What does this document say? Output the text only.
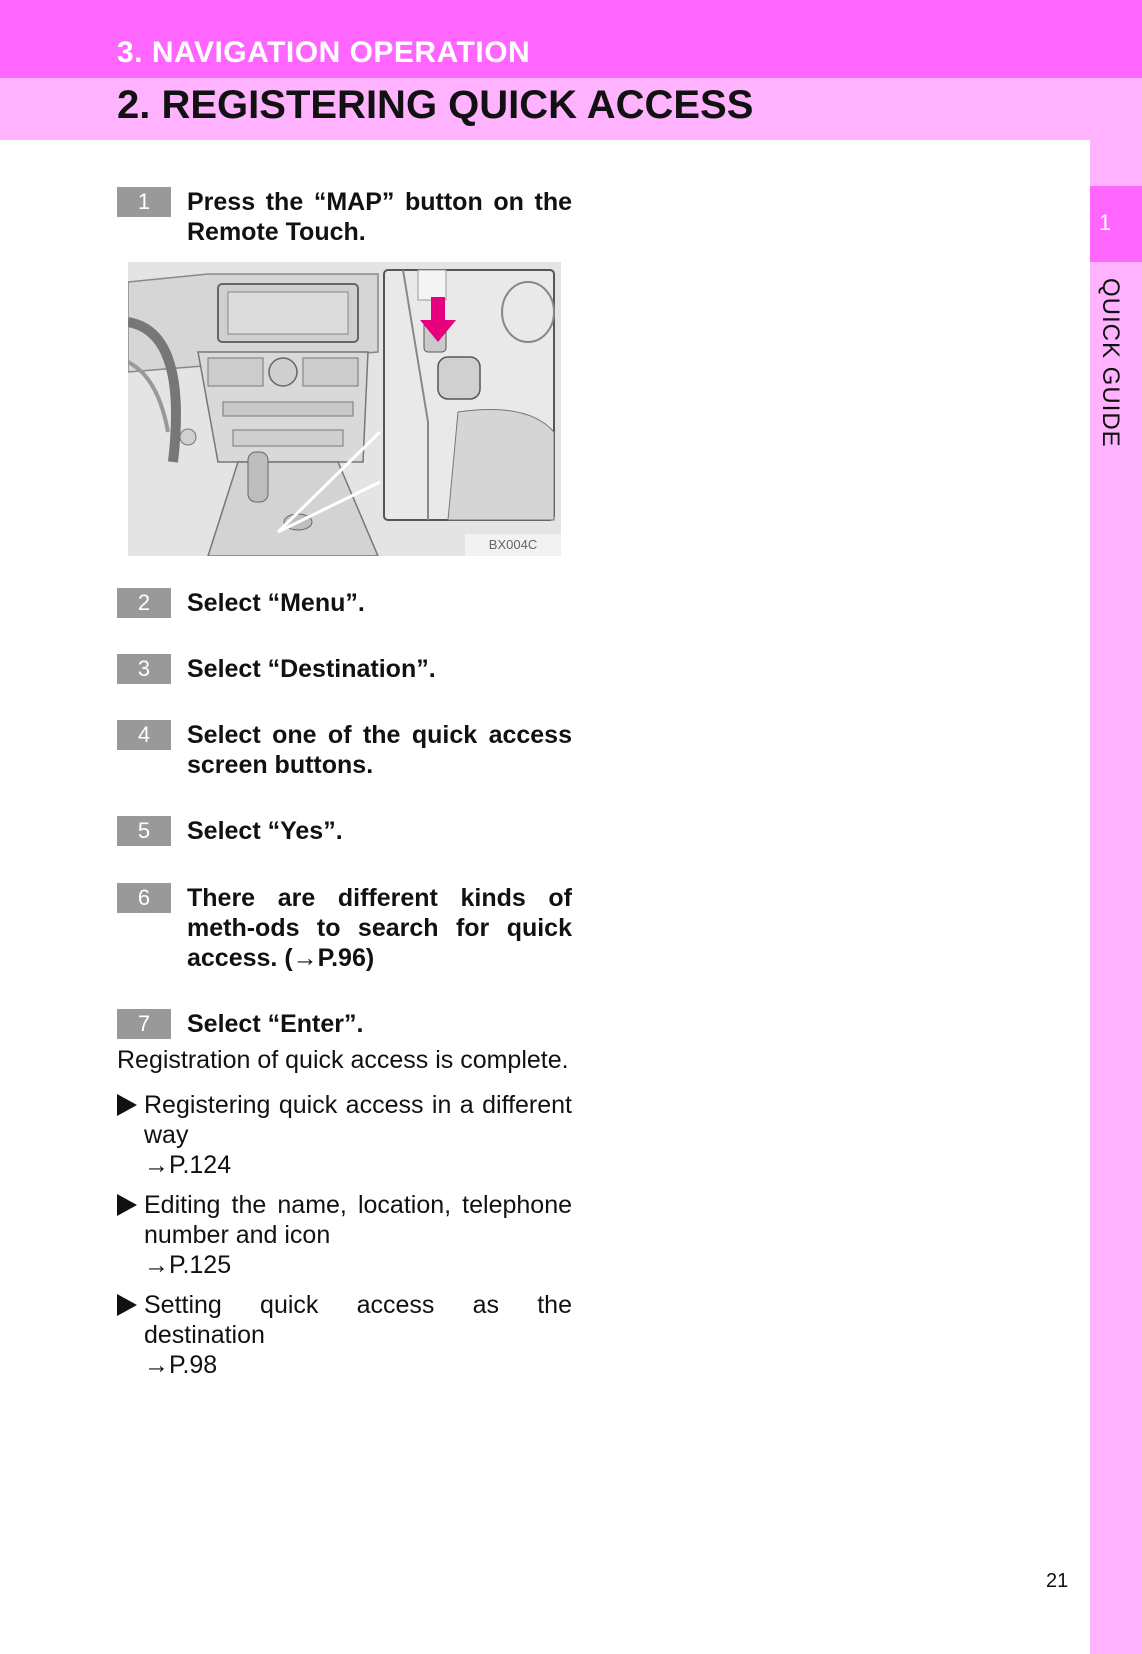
3. NAVIGATION OPERATION
2. REGISTERING QUICK ACCESS
1
QUICK GUIDE
1	Press the “MAP” button on the Remote Touch.
BX004C
2	Select “Menu”.
3	Select “Destination”.
4	Select one of the quick access screen buttons.
5	Select “Yes”.
6	There are different kinds of meth-ods to search for quick access. (→P.96)
7	Select “Enter”.
Registration of quick access is complete.
Registering quick access in a different way
→P.124
Editing the name, location, telephone number and icon
→P.125
Setting quick access as the destination
→P.98
21
